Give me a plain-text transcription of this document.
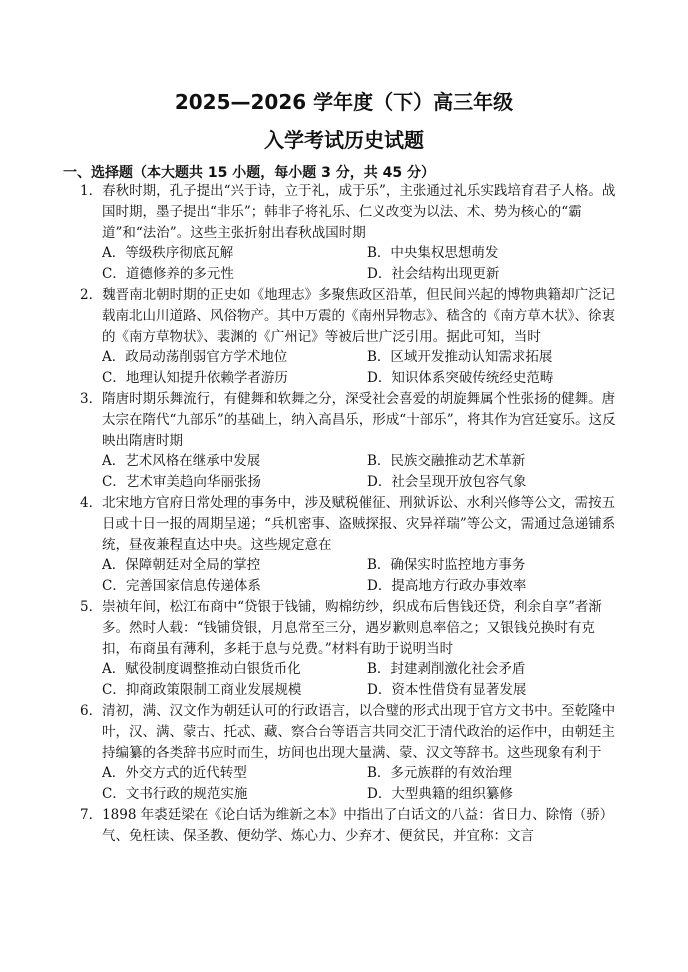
2025—2026 学年度（下）高三年级
入学考试历史试题
一、选择题（本大题共 15 小题，每小题 3 分，共 45 分）
1．春秋时期，孔子提出“兴于诗，立于礼，成于乐”，主张通过礼乐实践培育君子人格。战国时期，墨子提出“非乐”；韩非子将礼乐、仁义改变为以法、术、势为核心的“霸道”和“法治”。这些主张折射出春秋战国时期
A．等级秩序彻底瓦解	B．中央集权思想萌发
C．道德修养的多元性	D．社会结构出现更新
2．魏晋南北朝时期的正史如《地理志》多聚焦政区沿革，但民间兴起的博物典籍却广泛记载南北山川道路、风俗物产。其中万震的《南州异物志》、嵇含的《南方草木状》、徐衷的《南方草物状》、裴渊的《广州记》等被后世广泛引用。据此可知，当时
A．政局动荡削弱官方学术地位	B．区域开发推动认知需求拓展
C．地理认知提升依赖学者游历	D．知识体系突破传统经史范畴
3．隋唐时期乐舞流行，有健舞和软舞之分，深受社会喜爱的胡旋舞属个性张扬的健舞。唐太宗在隋代“九部乐”的基础上，纳入高昌乐，形成“十部乐”，将其作为宫廷宴乐。这反映出隋唐时期
A．艺术风格在继承中发展	B．民族交融推动艺术革新
C．艺术审美趋向华丽张扬	D．社会呈现开放包容气象
4．北宋地方官府日常处理的事务中，涉及赋税催征、刑狱诉讼、水利兴修等公文，需按五日或十日一报的周期呈递；“兵机密事、盗贼探报、灾异祥瑞”等公文，需通过急递铺系统，昼夜兼程直达中央。这些规定意在
A．保障朝廷对全局的掌控	B．确保实时监控地方事务
C．完善国家信息传递体系	D．提高地方行政办事效率
5．崇祯年间，松江布商中“贷银于钱铺，购棉纺纱，织成布后售钱还贷，利余自享”者渐多。然时人载：“钱铺贷银，月息常至三分，遇岁歉则息率倍之；又银钱兑换时有克扣，布商虽有薄利，多耗于息与兑费。”材料有助于说明当时
A．赋役制度调整推动白银货币化	B．封建剥削激化社会矛盾
C．抑商政策限制工商业发展规模	D．资本性借贷有显著发展
6．清初，满、汉文作为朝廷认可的行政语言，以合璧的形式出现于官方文书中。至乾隆中叶，汉、满、蒙古、托忒、藏、察合台等语言共同交汇于清代政治的运作中，由朝廷主持编纂的各类辞书应时而生，坊间也出现大量满、蒙、汉文等辞书。这些现象有利于
A．外交方式的近代转型	B．多元族群的有效治理
C．文书行政的规范实施	D．大型典籍的组织纂修
7．1898 年裘廷梁在《论白话为维新之本》中指出了白话文的八益：省日力、除惰（骄）气、免枉读、保圣教、便幼学、炼心力、少弃才、便贫民，并宜称：文言
